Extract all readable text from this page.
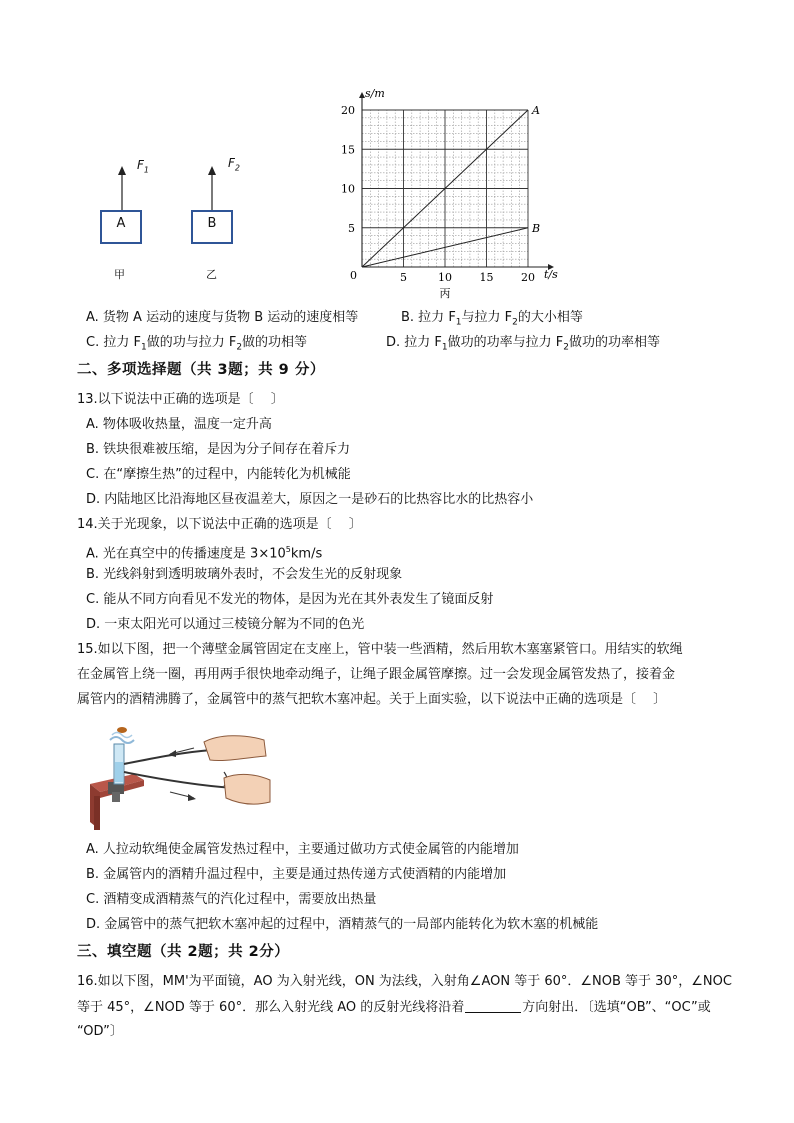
$F_1$
A
甲
$F_2$
B
乙
A
B
5	10	15	20
5
10
15
20
0
s/m
t/s
丙
A. 货物 A 运动的速度与货物 B 运动的速度相等	B. 拉力 $F_1$与拉力 $F_2$的大小相等
C. 拉力 $F_1$做的功与拉力 $F_2$做的功相等	D. 拉力 $F_1$做功的功率与拉力 $F_2$做功的功率相等
二、多项选择题（共 3题；共 9 分）
13.以下说法中正确的选项是〔　 〕
A. 物体吸收热量，温度一定升高
B. 铁块很难被压缩，是因为分子间存在着斥力
C. 在“摩擦生热”的过程中，内能转化为机械能
D. 内陆地区比沿海地区昼夜温差大，原因之一是砂石的比热容比水的比热容小
14.关于光现象，以下说法中正确的选项是〔　 〕
A. 光在真空中的传播速度是 $3\times 10^5km/s$
B. 光线斜射到透明玻璃外表时，不会发生光的反射现象
C. 能从不同方向看见不发光的物体，是因为光在其外表发生了镜面反射
D. 一束太阳光可以通过三棱镜分解为不同的色光
15.如以下图，把一个薄壁金属管固定在支座上，管中装一些酒精，然后用软木塞塞紧管口。用结实的软绳
在金属管上绕一圈，再用两手很快地牵动绳子，让绳子跟金属管摩擦。过一会发现金属管发热了，接着金
属管内的酒精沸腾了，金属管中的蒸气把软木塞冲起。关于上面实验，以下说法中正确的选项是〔　 〕
A. 人拉动软绳使金属管发热过程中，主要通过做功方式使金属管的内能增加
B. 金属管内的酒精升温过程中，主要是通过热传递方式使酒精的内能增加
C. 酒精变成酒精蒸气的汽化过程中，需要放出热量
D. 金属管中的蒸气把软木塞冲起的过程中，酒精蒸气的一局部内能转化为软木塞的机械能
三、填空题（共 2题；共 2分）
16.如以下图，MM'为平面镜，AO 为入射光线，ON 为法线，入射角∠AON 等于 60°．∠NOB 等于 30°，∠NOC
等于 45°，∠NOD 等于 60°．那么入射光线 AO 的反射光线将沿着	方向射出．〔选填“OB”、“OC”或
“OD”〕
